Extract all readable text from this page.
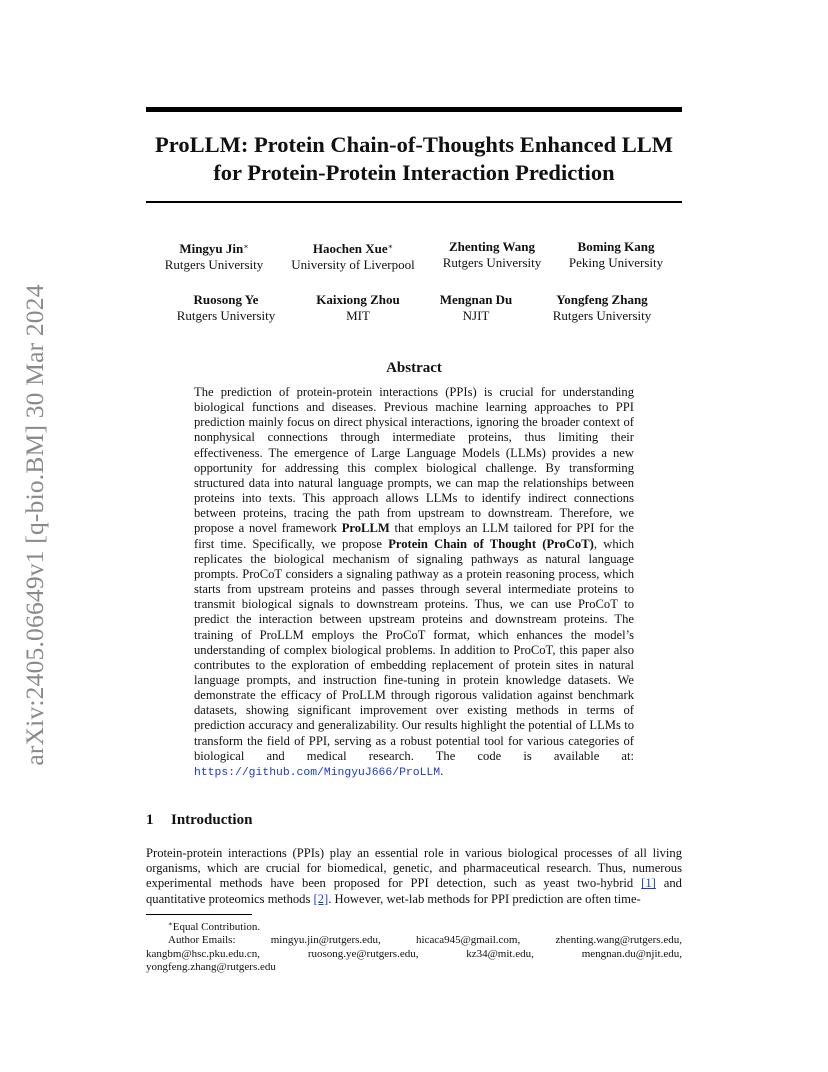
arXiv:2405.06649v1 [q-bio.BM] 30 Mar 2024
ProLLM: Protein Chain-of-Thoughts Enhanced LLM
for Protein-Protein Interaction Prediction
Mingyu Jin∗
Rutgers University
Haochen Xue∗
University of Liverpool
Zhenting Wang
Rutgers University
Boming Kang
Peking University
Ruosong Ye
Rutgers University
Kaixiong Zhou
MIT
Mengnan Du
NJIT
Yongfeng Zhang
Rutgers University
Abstract

The prediction of protein-protein interactions (PPIs) is crucial for understanding biological functions and diseases. Previous machine learning approaches to PPI prediction mainly focus on direct physical interactions, ignoring the broader context of nonphysical connections through intermediate proteins, thus limiting their effectiveness. The emergence of Large Language Models (LLMs) provides a new opportunity for addressing this complex biological challenge. By transforming structured data into natural language prompts, we can map the relationships between proteins into texts. This approach allows LLMs to identify indirect connections between proteins, tracing the path from upstream to downstream. Therefore, we propose a novel framework ProLLM that employs an LLM tailored for PPI for the first time. Specifically, we propose Protein Chain of Thought (ProCoT), which replicates the biological mechanism of signaling pathways as natural language prompts. ProCoT considers a signaling pathway as a protein reasoning process, which starts from upstream proteins and passes through several intermediate proteins to transmit biological signals to downstream proteins. Thus, we can use ProCoT to predict the interaction between upstream proteins and downstream proteins. The training of ProLLM employs the ProCoT format, which enhances the model’s understanding of complex biological problems. In addition to ProCoT, this paper also contributes to the exploration of embedding replacement of protein sites in natural language prompts, and instruction fine-tuning in protein knowledge datasets. We demonstrate the efficacy of ProLLM through rigorous validation against benchmark datasets, showing significant improvement over existing methods in terms of prediction accuracy and generalizability. Our results highlight the potential of LLMs to transform the field of PPI, serving as a robust potential tool for various categories of biological and medical research. The code is available at: https://github.com/MingyuJ666/ProLLM.

1 Introduction

Protein-protein interactions (PPIs) play an essential role in various biological processes of all living organisms, which are crucial for biomedical, genetic, and pharmaceutical research. Thus, numerous experimental methods have been proposed for PPI detection, such as yeast two-hybrid [1] and quantitative proteomics methods [2]. However, wet-lab methods for PPI prediction are often time-

∗Equal Contribution.
Author Emails:	mingyu.jin@rutgers.edu,	hicaca945@gmail.com,	zhenting.wang@rutgers.edu,
kangbm@hsc.pku.edu.cn,	ruosong.ye@rutgers.edu,	kz34@mit.edu,	mengnan.du@njit.edu,
yongfeng.zhang@rutgers.edu
